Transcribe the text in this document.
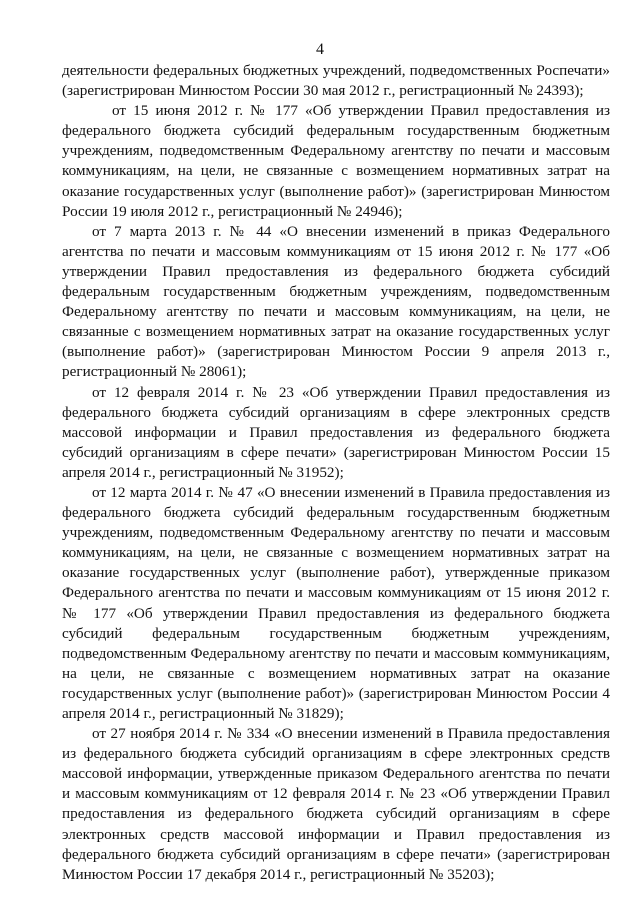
4

деятельности федеральных бюджетных учреждений, подведомственных Роспечати» (зарегистрирован Минюстом России 30 мая 2012 г., регистрационный № 24393);

от 15 июня 2012 г. № 177 «Об утверждении Правил предоставления из федерального бюджета субсидий федеральным государственным бюджетным учреждениям, подведомственным Федеральному агентству по печати и массовым коммуникациям, на цели, не связанные с возмещением нормативных затрат на оказание государственных услуг (выполнение работ)» (зарегистрирован Минюстом России 19 июля 2012 г., регистрационный № 24946);

от 7 марта 2013 г. № 44 «О внесении изменений в приказ Федерального агентства по печати и массовым коммуникациям от 15 июня 2012 г. № 177 «Об утверждении Правил предоставления из федерального бюджета субсидий федеральным государственным бюджетным учреждениям, подведомственным Федеральному агентству по печати и массовым коммуникациям, на цели, не связанные с возмещением нормативных затрат на оказание государственных услуг (выполнение работ)» (зарегистрирован Минюстом России 9 апреля 2013 г., регистрационный № 28061);

от 12 февраля 2014 г. № 23 «Об утверждении Правил предоставления из федерального бюджета субсидий организациям в сфере электронных средств массовой информации и Правил предоставления из федерального бюджета субсидий организациям в сфере печати» (зарегистрирован Минюстом России 15 апреля 2014 г., регистрационный № 31952);

от 12 марта 2014 г. № 47 «О внесении изменений в Правила предоставления из федерального бюджета субсидий федеральным государственным бюджетным учреждениям, подведомственным Федеральному агентству по печати и массовым коммуникациям, на цели, не связанные с возмещением нормативных затрат на оказание государственных услуг (выполнение работ), утвержденные приказом Федерального агентства по печати и массовым коммуникациям от 15 июня 2012 г. № 177 «Об утверждении Правил предоставления из федерального бюджета субсидий федеральным государственным бюджетным учреждениям, подведомственным Федеральному агентству по печати и массовым коммуникациям, на цели, не связанные с возмещением нормативных затрат на оказание государственных услуг (выполнение работ)» (зарегистрирован Минюстом России 4 апреля 2014 г., регистрационный № 31829);

от 27 ноября 2014 г. № 334 «О внесении изменений в Правила предоставления из федерального бюджета субсидий организациям в сфере электронных средств массовой информации, утвержденные приказом Федерального агентства по печати и массовым коммуникациям от 12 февраля 2014 г. № 23 «Об утверждении Правил предоставления из федерального бюджета субсидий организациям в сфере электронных средств массовой информации и Правил предоставления из федерального бюджета субсидий организациям в сфере печати» (зарегистрирован Минюстом России 17 декабря 2014 г., регистрационный № 35203);
